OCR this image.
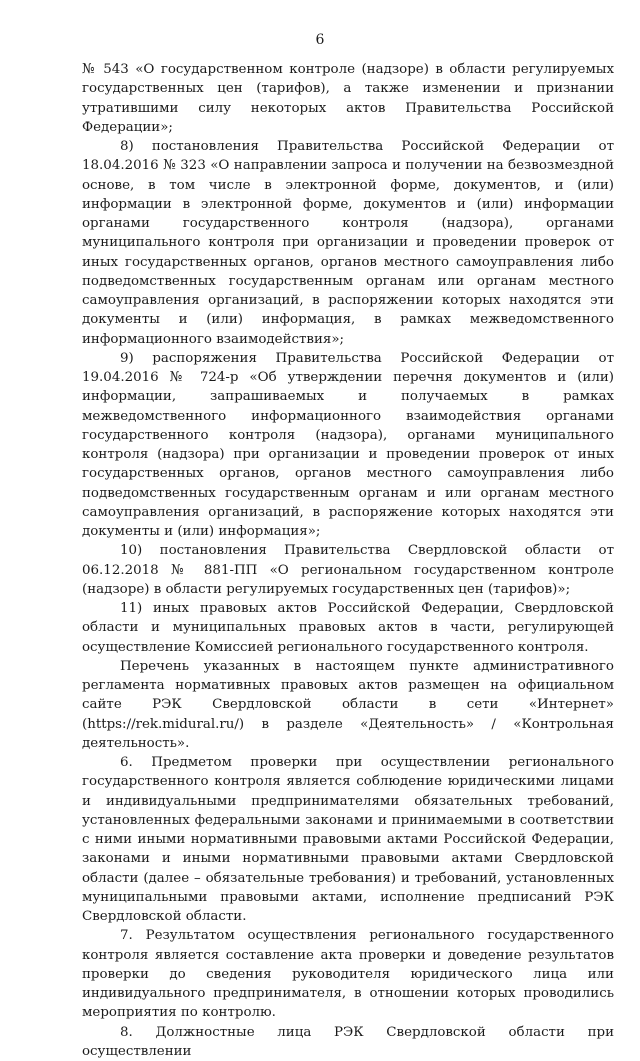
6

№ 543 «О государственном контроле (надзоре) в области регулируемых государственных цен (тарифов), а также изменении и признании утратившими силу некоторых актов Правительства Российской Федерации»;

8) постановления Правительства Российской Федерации от 18.04.2016 № 323 «О направлении запроса и получении на безвозмездной основе, в том числе в электронной форме, документов, и (или) информации в электронной форме, документов и (или) информации органами государственного контроля (надзора), органами муниципального контроля при организации и проведении проверок от иных государственных органов, органов местного самоуправления либо подведомственных государственным органам или органам местного самоуправления организаций, в распоряжении которых находятся эти документы и (или) информация, в рамках межведомственного информационного взаимодействия»;

9) распоряжения Правительства Российской Федерации от 19.04.2016 № 724-р «Об утверждении перечня документов и (или) информации, запрашиваемых и получаемых в рамках межведомственного информационного взаимодействия органами государственного контроля (надзора), органами муниципального контроля (надзора) при организации и проведении проверок от иных государственных органов, органов местного самоуправления либо подведомственных государственным органам и или органам местного самоуправления организаций, в распоряжение которых находятся эти документы и (или) информация»;

10) постановления Правительства Свердловской области от 06.12.2018 № 881-ПП «О региональном государственном контроле (надзоре) в области регулируемых государственных цен (тарифов)»;

11) иных правовых актов Российской Федерации, Свердловской области и муниципальных правовых актов в части, регулирующей осуществление Комиссией регионального государственного контроля.

Перечень указанных в настоящем пункте административного регламента нормативных правовых актов размещен на официальном сайте РЭК Свердловской области в сети «Интернет» (https://rek.midural.ru/) в разделе «Деятельность» / «Контрольная деятельность».

6. Предметом проверки при осуществлении регионального государственного контроля является соблюдение юридическими лицами и индивидуальными предпринимателями обязательных требований, установленных федеральными законами и принимаемыми в соответствии с ними иными нормативными правовыми актами Российской Федерации, законами и иными нормативными правовыми актами Свердловской области (далее – обязательные требования) и требований, установленных муниципальными правовыми актами, исполнение предписаний РЭК Свердловской области.

7. Результатом осуществления регионального государственного контроля является составление акта проверки и доведение результатов проверки до сведения руководителя юридического лица или индивидуального предпринимателя, в отношении которых проводились мероприятия по контролю.

8. Должностные лица РЭК Свердловской области при осуществлении
